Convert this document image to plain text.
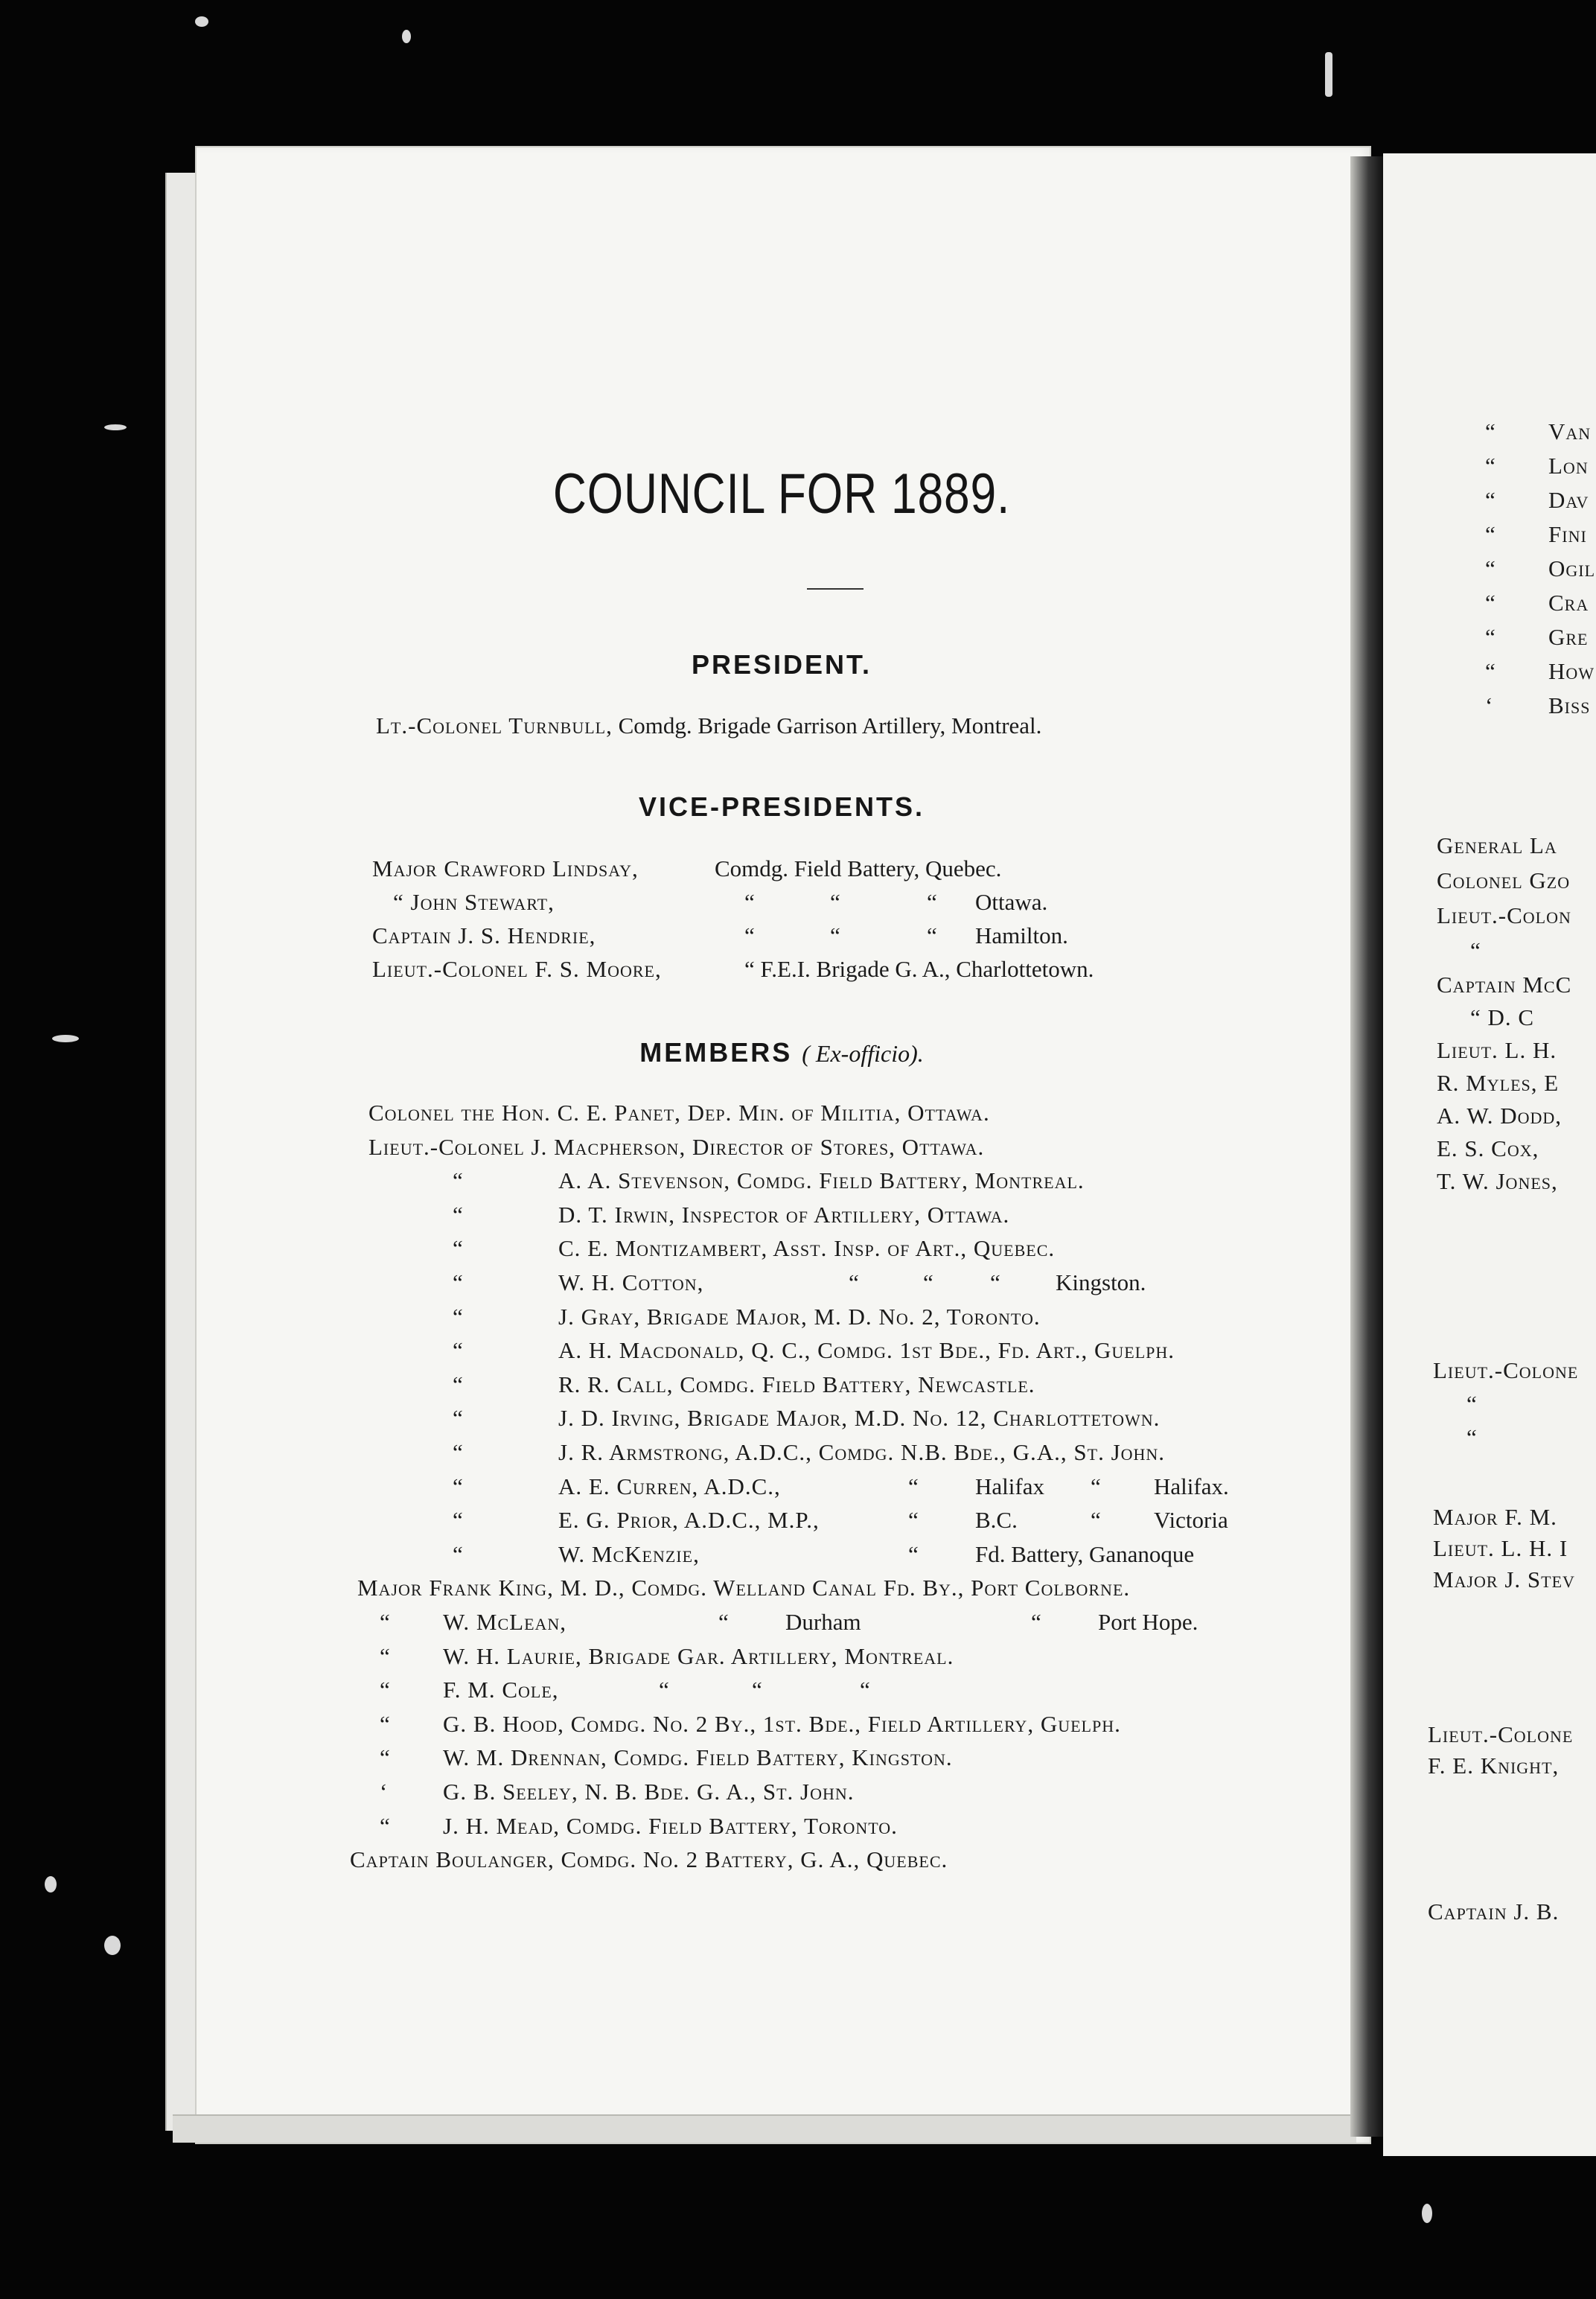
COUNCIL FOR 1889.
PRESIDENT.
Lt.-Colonel Turnbull, Comdg. Brigade Garrison Artillery, Montreal.
VICE-PRESIDENTS.
Major Crawford Lindsay,	Comdg. Field Battery, Quebec.
“ John Stewart,	“	“	“ Ottawa.
Captain J. S. Hendrie,	“	“	“ Hamilton.
Lieut.-Colonel F. S. Moore,	“ F.E.I. Brigade G. A., Charlottetown.
MEMBERS ( Ex-officio).
Colonel the Hon. C. E. Panet, Dep. Min. of Militia, Ottawa.
Lieut.-Colonel J. Macpherson, Director of Stores, Ottawa.
“	A. A. Stevenson, Comdg. Field Battery, Montreal.
“	D. T. Irwin, Inspector of Artillery, Ottawa.
“	C. E. Montizambert, Asst. Insp. of Art., Quebec.
“	W. H. Cotton,	“	“ “ Kingston.
“	J. Gray, Brigade Major, M. D. No. 2, Toronto.
“	A. H. Macdonald, Q. C., Comdg. 1st Bde., Fd. Art., Guelph.
“	R. R. Call, Comdg. Field Battery, Newcastle.
“	J. D. Irving, Brigade Major, M.D. No. 12, Charlottetown.
“	J. R. Armstrong, A.D.C., Comdg. N.B. Bde., G.A., St. John.
“	A. E. Curren, A.D.C.,	“ Halifax “ Halifax.
“	E. G. Prior, A.D.C., M.P.,	“ B.C.	“ Victoria
“	W. McKenzie,	“ Fd. Battery, Gananoque
Major Frank King, M. D., Comdg. Welland Canal Fd. By., Port Colborne.
“ W. McLean,	“ Durham	“ Port Hope.
“ W. H. Laurie, Brigade Gar. Artillery, Montreal.
“ F. M. Cole,	“	“	“
“ G. B. Hood, Comdg. No. 2 By., 1st. Bde., Field Artillery, Guelph.
“ W. M. Drennan, Comdg. Field Battery, Kingston.
‘ G. B. Seeley, N. B. Bde. G. A., St. John.
“ J. H. Mead, Comdg. Field Battery, Toronto.
Captain Boulanger, Comdg. No. 2 Battery, G. A., Quebec.
“ Van
“ Lon
“ Dav
“ Fini
“ Ogil
“ Cra
“ Gre
“ How
‘ Biss
General La
Colonel Gzo
Lieut.-Colon
“
Captain McC
“ D. C
Lieut. L. H.
R. Myles, E
A. W. Dodd,
E. S. Cox,
T. W. Jones,
Lieut.-Colone
“
“
Major F. M.
Lieut. L. H. I
Major J. Stev
Lieut.-Colone
F. E. Knight,
Captain J. B.
